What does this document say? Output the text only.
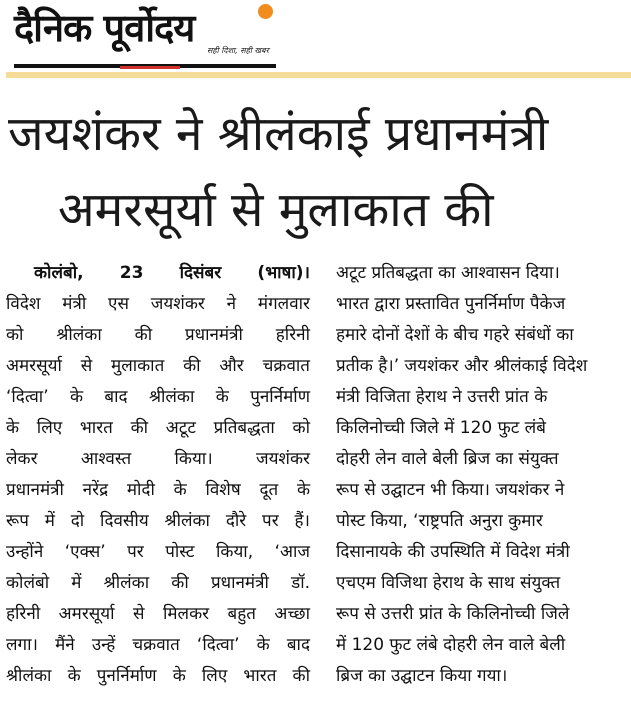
दैनिक पूर्वोदय
सही दिशा, सही खबर
जयशंकर ने श्रीलंकाई प्रधानमंत्री
अमरसूर्या से मुलाकात की
कोलंबो, 23 दिसंबर (भाषा)।
विदेश मंत्री एस जयशंकर ने मंगलवार
को श्रीलंका की प्रधानमंत्री हरिनी
अमरसूर्या से मुलाकात की और चक्रवात
‘दित्वा’ के बाद श्रीलंका के पुनर्निर्माण
के लिए भारत की अटूट प्रतिबद्धता को
लेकर आश्वस्त किया। जयशंकर
प्रधानमंत्री नरेंद्र मोदी के विशेष दूत के
रूप में दो दिवसीय श्रीलंका दौरे पर हैं।
उन्होंने ‘एक्स’ पर पोस्ट किया, ‘आज
कोलंबो में श्रीलंका की प्रधानमंत्री डॉ.
हरिनी अमरसूर्या से मिलकर बहुत अच्छा
लगा। मैंने उन्हें चक्रवात ‘दित्वा’ के बाद
श्रीलंका के पुनर्निर्माण के लिए भारत की
अटूट प्रतिबद्धता का आश्वासन दिया।
भारत द्वारा प्रस्तावित पुनर्निर्माण पैकेज
हमारे दोनों देशों के बीच गहरे संबंधों का
प्रतीक है।’ जयशंकर और श्रीलंकाई विदेश
मंत्री विजिता हेराथ ने उत्तरी प्रांत के
किलिनोच्ची जिले में 120 फुट लंबे
दोहरी लेन वाले बेली ब्रिज का संयुक्त
रूप से उद्घाटन भी किया। जयशंकर ने
पोस्ट किया, ‘राष्ट्रपति अनुरा कुमार
दिसानायके की उपस्थिति में विदेश मंत्री
एचएम विजिथा हेराथ के साथ संयुक्त
रूप से उत्तरी प्रांत के किलिनोच्ची जिले
में 120 फुट लंबे दोहरी लेन वाले बेली
ब्रिज का उद्घाटन किया गया।
